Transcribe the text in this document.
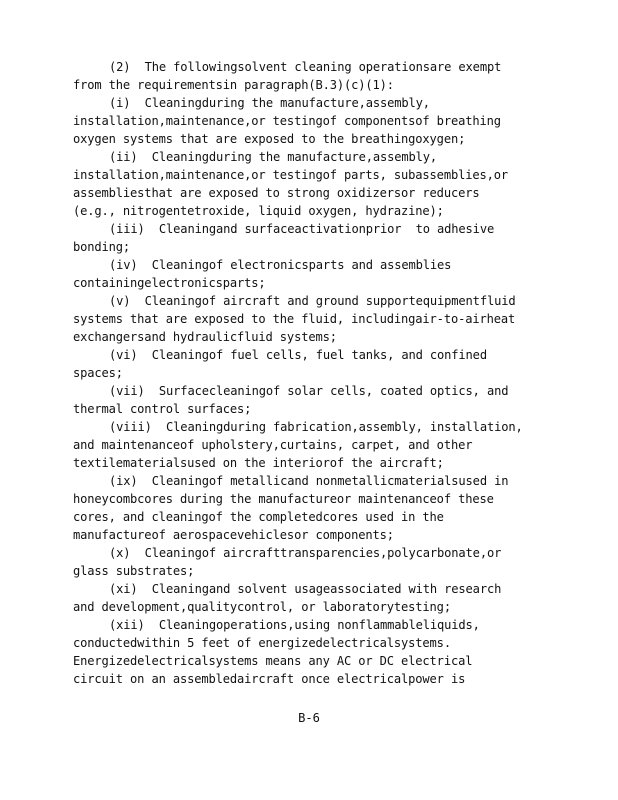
(2)  The followingsolvent cleaning operationsare exempt
from the requirementsin paragraph(B.3)(c)(1):
(i)  Cleaningduring the manufacture,assembly,
installation,maintenance,or testingof componentsof breathing
oxygen systems that are exposed to the breathingoxygen;
(ii)  Cleaningduring the manufacture,assembly,
installation,maintenance,or testingof parts, subassemblies,or
assembliesthat are exposed to strong oxidizersor reducers
(e.g., nitrogentetroxide, liquid oxygen, hydrazine);
(iii)  Cleaningand surfaceactivationprior  to adhesive
bonding;
(iv)  Cleaningof electronicsparts and assemblies
containingelectronicsparts;
(v)  Cleaningof aircraft and ground supportequipmentfluid
systems that are exposed to the fluid, includingair-to-airheat
exchangersand hydraulicfluid systems;
(vi)  Cleaningof fuel cells, fuel tanks, and confined
spaces;
(vii)  Surfacecleaningof solar cells, coated optics, and
thermal control surfaces;
(viii)  Cleaningduring fabrication,assembly, installation,
and maintenanceof upholstery,curtains, carpet, and other
textilematerialsused on the interiorof the aircraft;
(ix)  Cleaningof metallicand nonmetallicmaterialsused in
honeycombcores during the manufactureor maintenanceof these
cores, and cleaningof the completedcores used in the
manufactureof aerospacevehiclesor components;
(x)  Cleaningof aircrafttransparencies,polycarbonate,or
glass substrates;
(xi)  Cleaningand solvent usageassociated with research
and development,qualitycontrol, or laboratorytesting;
(xii)  Cleaningoperations,using nonflammableliquids,
conductedwithin 5 feet of energizedelectricalsystems.
Energizedelectricalsystems means any AC or DC electrical
circuit on an assembledaircraft once electricalpower is
B-6
